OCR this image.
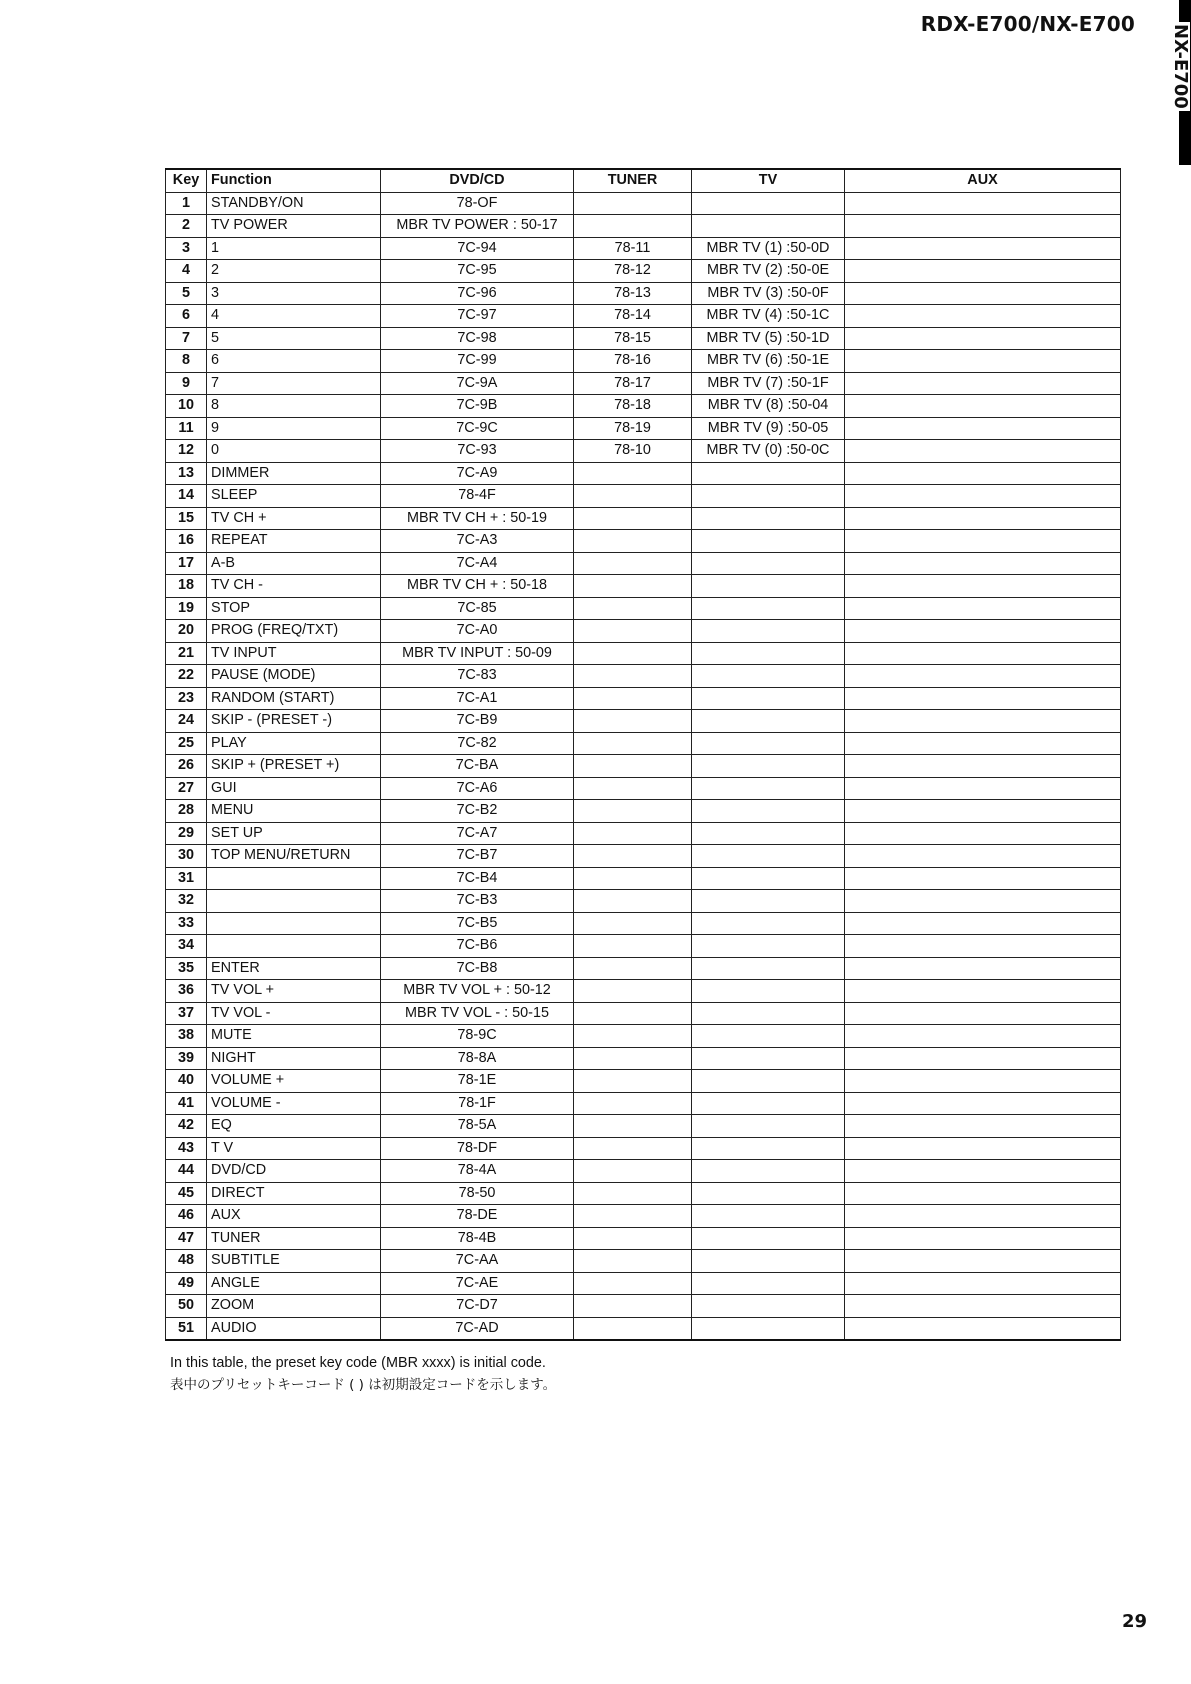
NX-E700
RDX-E700/NX-E700
Key	Function	DVD/CD	TUNER	TV	AUX
1	STANDBY/ON	78-OF			
2	TV POWER	MBR TV POWER : 50-17			
3	1	7C-94	78-11	MBR TV (1) :50-0D	
4	2	7C-95	78-12	MBR TV (2) :50-0E	
5	3	7C-96	78-13	MBR TV (3) :50-0F	
6	4	7C-97	78-14	MBR TV (4) :50-1C	
7	5	7C-98	78-15	MBR TV (5) :50-1D	
8	6	7C-99	78-16	MBR TV (6) :50-1E	
9	7	7C-9A	78-17	MBR TV (7) :50-1F	
10	8	7C-9B	78-18	MBR TV (8) :50-04	
11	9	7C-9C	78-19	MBR TV (9) :50-05	
12	0	7C-93	78-10	MBR TV (0) :50-0C	
13	DIMMER	7C-A9			
14	SLEEP	78-4F			
15	TV CH +	MBR TV CH + : 50-19			
16	REPEAT	7C-A3			
17	A-B	7C-A4			
18	TV CH -	MBR TV CH + : 50-18			
19	STOP	7C-85			
20	PROG (FREQ/TXT)	7C-A0			
21	TV INPUT	MBR TV INPUT : 50-09			
22	PAUSE (MODE)	7C-83			
23	RANDOM (START)	7C-A1			
24	SKIP - (PRESET -)	7C-B9			
25	PLAY	7C-82			
26	SKIP + (PRESET +)	7C-BA			
27	GUI	7C-A6			
28	MENU	7C-B2			
29	SET UP	7C-A7			
30	TOP MENU/RETURN	7C-B7			
31		7C-B4			
32		7C-B3			
33		7C-B5			
34		7C-B6			
35	ENTER	7C-B8			
36	TV VOL +	MBR TV VOL + : 50-12			
37	TV VOL -	MBR TV VOL - : 50-15			
38	MUTE	78-9C			
39	NIGHT	78-8A			
40	VOLUME +	78-1E			
41	VOLUME -	78-1F			
42	EQ	78-5A			
43	T V	78-DF			
44	DVD/CD	78-4A			
45	DIRECT	78-50			
46	AUX	78-DE			
47	TUNER	78-4B			
48	SUBTITLE	7C-AA			
49	ANGLE	7C-AE			
50	ZOOM	7C-D7			
51	AUDIO	7C-AD			
In this table, the preset key code (MBR xxxx) is initial code.
表中のプリセットキーコード ( ) は初期設定コードを示します。
29
